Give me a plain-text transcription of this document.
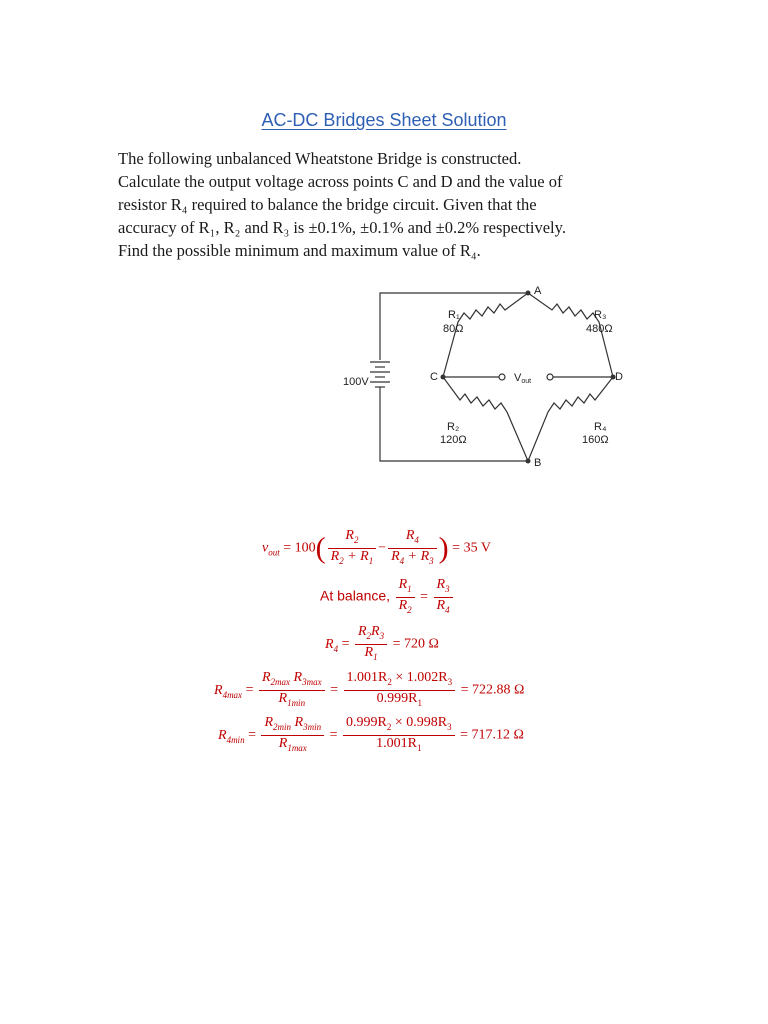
AC-DC Bridges Sheet Solution
The following unbalanced Wheatstone Bridge is constructed.
Calculate the output voltage across points C and D and the value of
resistor R₄ required to balance the bridge circuit. Given that the
accuracy of R₁, R₂ and R₃ is ±0.1%, ±0.1% and ±0.2% respectively.
Find the possible minimum and maximum value of R₄.
A
B
C	D
R₁
80Ω
R₃
480Ω
R₂
120Ω
R₄
160Ω
100V	Vout
$v_{out} = 100( \frac{R_2}{R_2 + R_1} - \frac{R_4}{R_4 + R_3}$ ) = 35 V
At balance, $\frac{R_1}{R_2} = \frac{R_3}{R_4}$
$R_4 = \frac{R_2R_3}{R_1} = 720$ Ω
$R_{4max} = \frac{R_{2max} R_{3max}}{R_{1min}} = \frac{1.001R_2 \times 1.002R_3}{0.999R_1} = 722.88$ Ω
$R_{4min} = \frac{R_{2min} R_{3min}}{R_{1max}} = \frac{0.999R_2 \times 0.998R_3}{1.001R_1} = 717.12$ Ω
